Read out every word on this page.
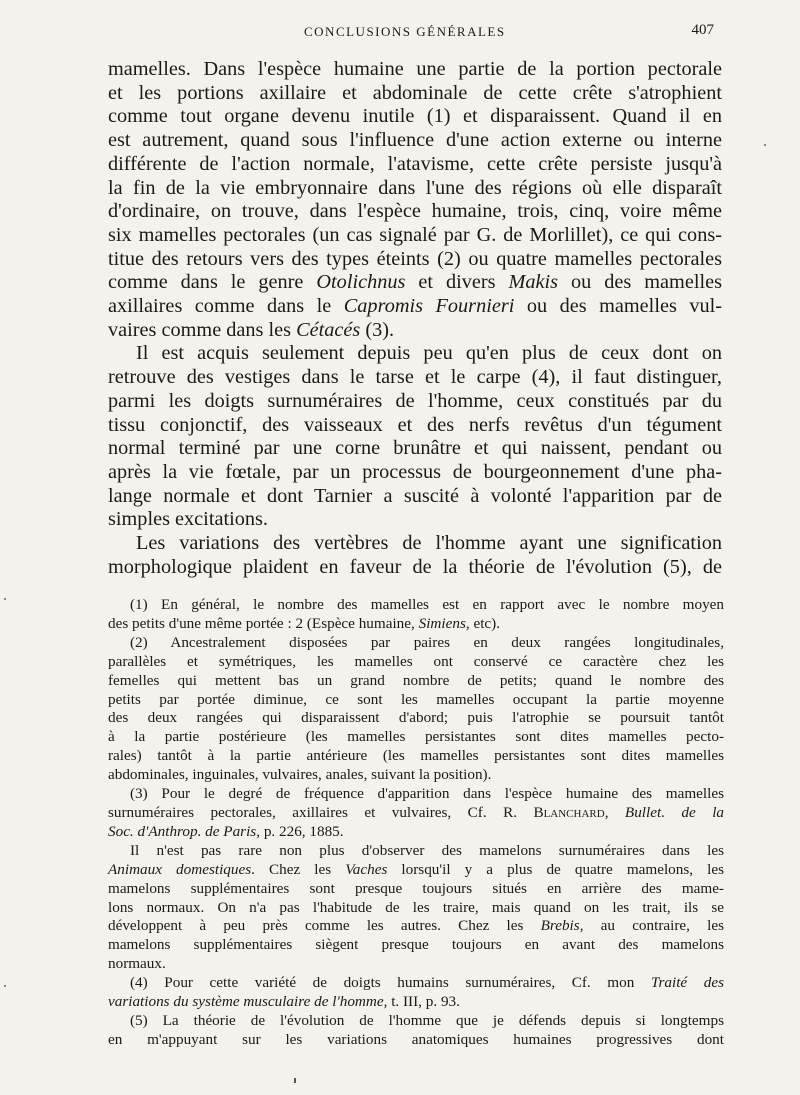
CONCLUSIONS GÉNÉRALES	407

mamelles. Dans l'espèce humaine une partie de la portion pectorale
et les portions axillaire et abdominale de cette crête s'atrophient
comme tout organe devenu inutile (1) et disparaissent. Quand il en
est autrement, quand sous l'influence d'une action externe ou interne
différente de l'action normale, l'atavisme, cette crête persiste jusqu'à
la fin de la vie embryonnaire dans l'une des régions où elle disparaît
d'ordinaire, on trouve, dans l'espèce humaine, trois, cinq, voire même
six mamelles pectorales (un cas signalé par G. de Morlillet), ce qui cons-
titue des retours vers des types éteints (2) ou quatre mamelles pectorales
comme dans le genre Otolichnus et divers Makis ou des mamelles
axillaires comme dans le Capromis Fournieri ou des mamelles vul-
vaires comme dans les Cétacés (3).

Il est acquis seulement depuis peu qu'en plus de ceux dont on
retrouve des vestiges dans le tarse et le carpe (4), il faut distinguer,
parmi les doigts surnuméraires de l'homme, ceux constitués par du
tissu conjonctif, des vaisseaux et des nerfs revêtus d'un tégument
normal terminé par une corne brunâtre et qui naissent, pendant ou
après la vie fœtale, par un processus de bourgeonnement d'une pha-
lange normale et dont Tarnier a suscité à volonté l'apparition par de
simples excitations.

Les variations des vertèbres de l'homme ayant une signification
morphologique plaident en faveur de la théorie de l'évolution (5), de

(1) En général, le nombre des mamelles est en rapport avec le nombre moyen
des petits d'une même portée : 2 (Espèce humaine, Simiens, etc).

(2) Ancestralement disposées par paires en deux rangées longitudinales,
parallèles et symétriques, les mamelles ont conservé ce caractère chez les
femelles qui mettent bas un grand nombre de petits; quand le nombre des
petits par portée diminue, ce sont les mamelles occupant la partie moyenne
des deux rangées qui disparaissent d'abord; puis l'atrophie se poursuit tantôt
à la partie postérieure (les mamelles persistantes sont dites mamelles pecto-
rales) tantôt à la partie antérieure (les mamelles persistantes sont dites mamelles
abdominales, inguinales, vulvaires, anales, suivant la position).

(3) Pour le degré de fréquence d'apparition dans l'espèce humaine des mamelles
surnuméraires pectorales, axillaires et vulvaires, Cf. R. Blanchard, Bullet. de la
Soc. d'Anthrop. de Paris, p. 226, 1885.

Il n'est pas rare non plus d'observer des mamelons surnuméraires dans les
Animaux domestiques. Chez les Vaches lorsqu'il y a plus de quatre mamelons, les
mamelons supplémentaires sont presque toujours situés en arrière des mame-
lons normaux. On n'a pas l'habitude de les traire, mais quand on les trait, ils se
développent à peu près comme les autres. Chez les Brebis, au contraire, les
mamelons supplémentaires siègent presque toujours en avant des mamelons
normaux.

(4) Pour cette variété de doigts humains surnuméraires, Cf. mon Traité des
variations du système musculaire de l'homme, t. III, p. 93.

(5) La théorie de l'évolution de l'homme que je défends depuis si longtemps
en m'appuyant sur les variations anatomiques humaines progressives dont
